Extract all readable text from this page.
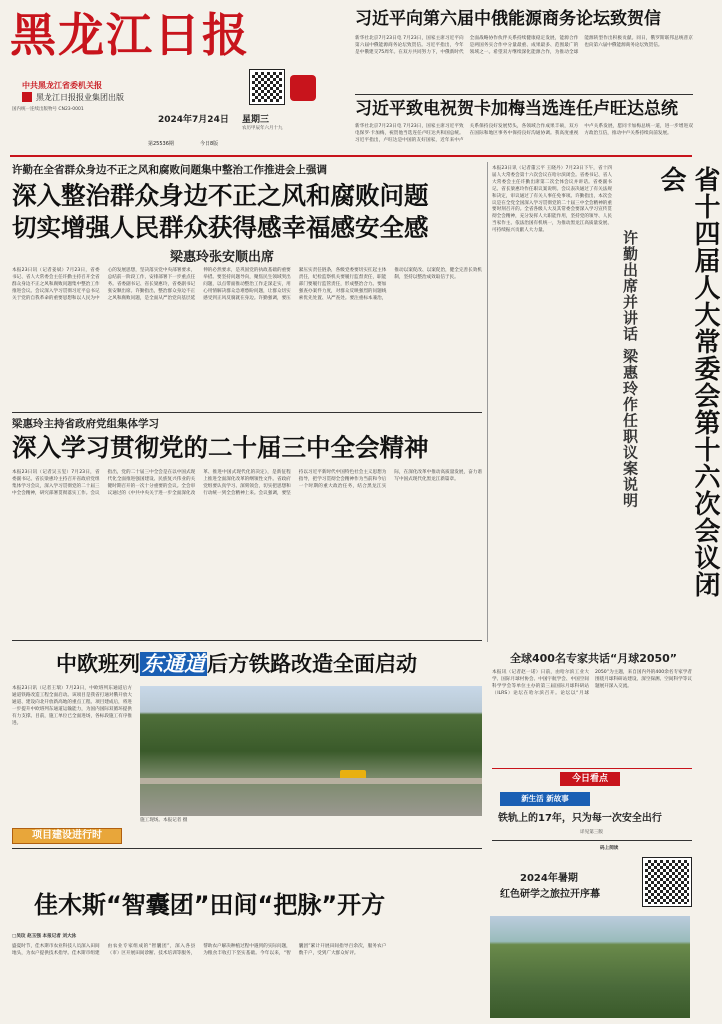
黑龙江日报
中共黑龙江省委机关报
黑龙江日报报业集团出版
国内统一连续出版物号 CN23-0001
2024年7月24日 星期三
农历甲辰年六月十九
第25536期	今日8版
习近平向第六届中俄能源商务论坛致贺信
新华社北京7月23日电 7月23日，国家主席习近平向第六届中俄能源商务论坛致贺信。习近平指出，今年是中俄建交75周年。在双方共同努力下，中俄新时代全面战略协作伙伴关系持续健康稳定发展，能源合作是两国务实合作中分量最重、成果最多、范围最广的领域之一。希望双方继续深化能源合作，为推动全球能源转型作出积极贡献。同日，俄罗斯联邦总统普京也向第六届中俄能源商务论坛致贺信。
习近平致电祝贺卡加梅当选连任卢旺达总统
新华社北京7月23日电 7月23日，国家主席习近平致电保罗·卡加梅，祝贺他当选连任卢旺达共和国总统。习近平指出，卢旺达是中国的友好国家，近年来中卢关系保持良好发展势头，各领域合作成果丰硕，双方在国际和地区事务中保持良好沟通协调。我高度重视中卢关系发展，愿同卡加梅总统一道，进一步增进双方政治互信，推动中卢关系持续向前发展。
许勤在全省群众身边不正之风和腐败问题集中整治工作推进会上强调
深入整治群众身边不正之风和腐败问题
切实增强人民群众获得感幸福感安全感
梁惠玲张安顺出席
本报23日讯（记者姜斌）7月23日，省委书记、省人大常委会主任许勤主持召开全省群众身边不正之风和腐败问题集中整治工作推进会议。会议深入学习贯彻习近平总书记关于党的自我革命的重要思想和以人民为中心的发展思想，坚决落实党中央部署要求，总结前一阶段工作，安排部署下一步重点任务。省委副书记、省长梁惠玲，省委副书记张安顺出席。许勤指出，整治群众身边不正之风和腐败问题，是全面从严治党向基层延伸的必然要求，是巩固党的执政基础的重要举措。要坚持问题导向，聚焦民生领域突出问题，以点带面推动整治工作走深走实，用心用情解决群众急难愁盼问题，让群众切实感受到正风反腐就在身边。许勤强调，要压紧压实责任链条，各级党委要切实扛起主体责任，纪检监察机关要履行监督责任，职能部门要履行监管责任，形成整治合力。要加强查办案件力度，对群众反映强烈的问题线索优先处置、从严查处。要注重标本兼治，推动以案促改、以案促治，健全完善长效机制，坚持以整治成效取信于民。
梁惠玲主持省政府党组集体学习
深入学习贯彻党的二十届三中全会精神
本报23日讯（记者吴玉玺）7月23日，省委副书记、省长梁惠玲主持召开省政府党组集体学习会议，深入学习贯彻党的二十届三中全会精神，研究部署贯彻落实工作。会议指出，党的二十届三中全会是在以中国式现代化全面推进强国建设、民族复兴伟业的关键时期召开的一次十分重要的会议。全会审议通过的《中共中央关于进一步全面深化改革、推进中国式现代化的决定》，是新征程上推进全面深化改革的纲领性文件。省政府党组要认真学习、深刻领会，切实把思想和行动统一到全会精神上来。会议强调，要坚持以习近平新时代中国特色社会主义思想为指导，把学习贯彻全会精神作为当前和今后一个时期的重大政治任务，结合黑龙江实际，在深化改革中推动高质量发展，奋力谱写中国式现代化黑龙江新篇章。
本报23日讯（记者董云平 王晓丹）7月23日下午，省十四届人大常委会第十六次会议在哈尔滨闭会。省委书记、省人大常委会主任许勤出席第二次全体会议并讲话。省委副书记、省长梁惠玲作任职议案说明。会议表决通过了有关法规和决定，审议通过了有关人事任免事项。许勤指出，本次会议是在全党全国深入学习贯彻党的二十届三中全会精神的重要时刻召开的。全省各级人大及其常委会要深入学习宣传贯彻全会精神，充分发挥人大职能作用，坚持党的领导、人民当家作主、依法治国有机统一，为推动黑龙江高质量发展、可持续振兴贡献人大力量。	省十四届人大常委会第十六次会议闭会
许勤出席并讲话 梁惠玲作任职议案说明
中欧班列东通道后方铁路改造全面启动
本报23日讯（记者王瑞）7月23日，中欧班列东通道后方通道铁路改造工程全面启动。该项目是我省打通对俄开放大通道、建设向北开放新高地的重点工程。项目建成后，将进一步提升中欧班列东通道运输能力，为国内国际双循环提供有力支撑。目前，施工单位已全面进场，各标段施工有序推进。
施工现场。本报记者 摄
项目建设进行时
全球400名专家共话“月球2050”
本报讯（记者赵一诺）日前，由哈尔滨工业大学、国际月球村协会、中国宇航学会、中国空间科学学会等单位主办的第三届国际月球科研站（ILRS）论坛在哈尔滨召开。论坛以“月球2050”为主题，来自国内外的400余名专家学者围绕月球科研站建设、深空探测、空间科学等议题展开深入交流。
今日看点
新生活 新故事
铁轨上的17年，只为每一次安全出行
详见第三版
码上阅读
2024年暑期
红色研学之旅拉开序幕
佳木斯“智囊团”田间“把脉”开方
□吴玟 赵玉强 本报记者 刘大泳
盛夏时节，佳木斯市农业科技人员深入田间地头，为农户提供技术指导。佳木斯市组建由农业专家组成的“智囊团”，深入各县（市）区开展田间诊断、技术培训等服务，帮助农户解决种植过程中遇到的实际问题，为粮食丰收打下坚实基础。今年以来，“智囊团”累计开展田间指导百余次，服务农户数千户，受到广大群众好评。
